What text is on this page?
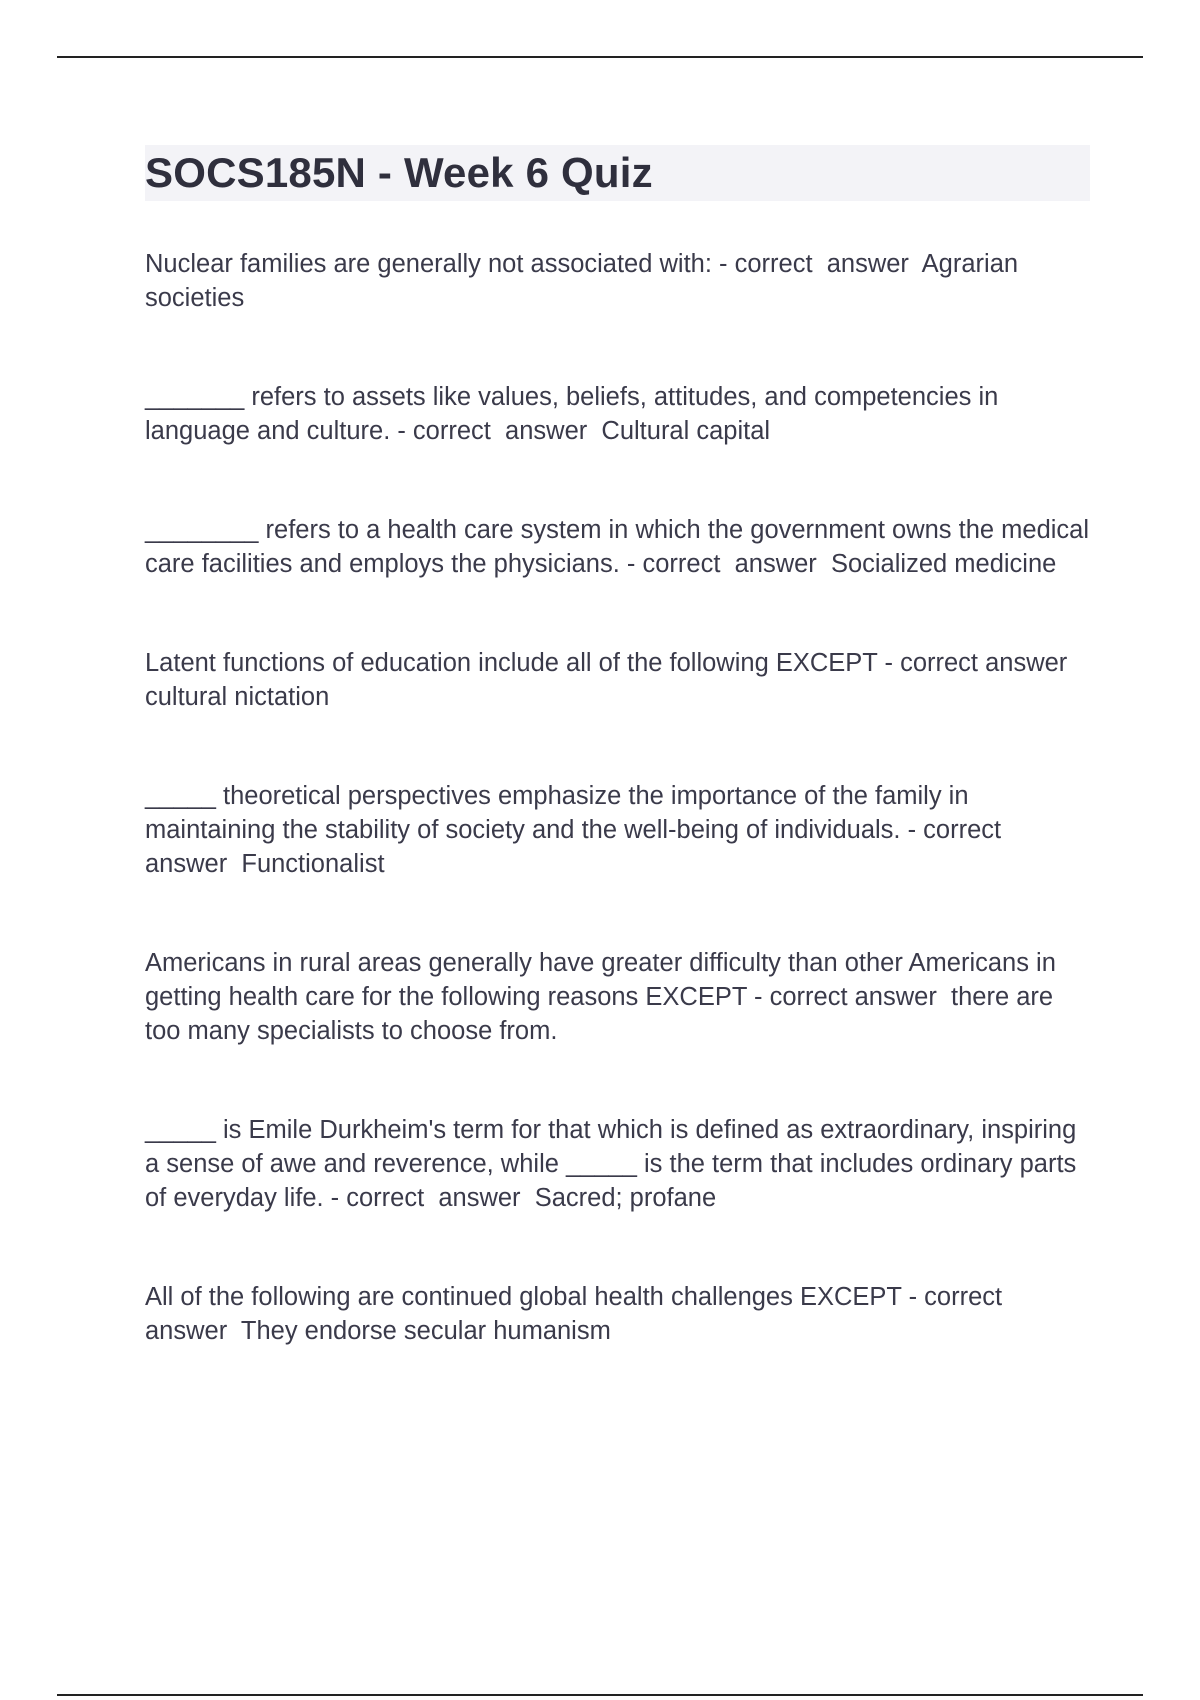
SOCS185N - Week 6 Quiz
Nuclear families are generally not associated with: - correct  answer  Agrarian societies
_______ refers to assets like values, beliefs, attitudes, and competencies in language and culture. - correct  answer  Cultural capital
________ refers to a health care system in which the government owns the medical care facilities and employs the physicians. - correct  answer  Socialized medicine
Latent functions of education include all of the following EXCEPT - correct answer  cultural nictation
_____ theoretical perspectives emphasize the importance of the family in maintaining the stability of society and the well-being of individuals. - correct answer  Functionalist
Americans in rural areas generally have greater difficulty than other Americans in getting health care for the following reasons EXCEPT - correct answer  there are too many specialists to choose from.
_____ is Emile Durkheim's term for that which is defined as extraordinary, inspiring a sense of awe and reverence, while _____ is the term that includes ordinary parts of everyday life. - correct  answer  Sacred; profane
All of the following are continued global health challenges EXCEPT - correct answer  They endorse secular humanism
